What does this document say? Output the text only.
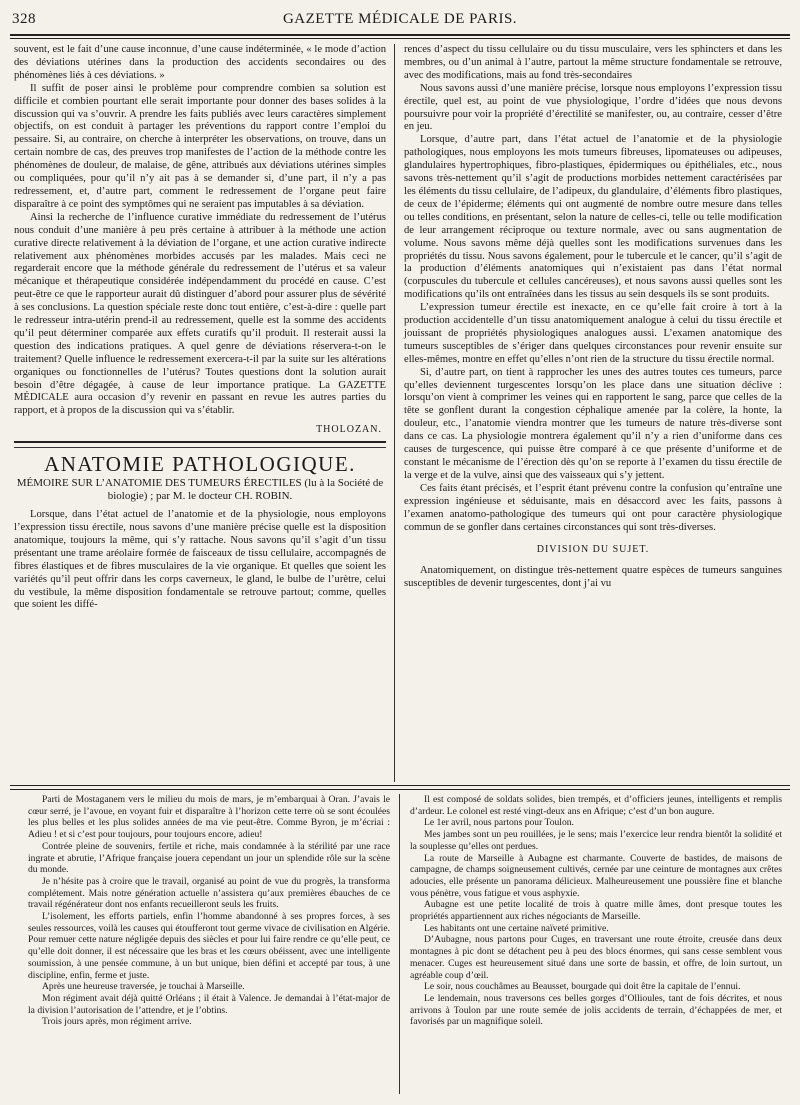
328	GAZETTE MÉDICALE DE PARIS.

souvent, est le fait d’une cause inconnue, d’une cause indéterminée, « le mode d’action des déviations utérines dans la production des accidents secondaires ou des phénomènes liés à ces déviations. »

Il suffit de poser ainsi le problème pour comprendre combien sa solution est difficile et combien pourtant elle serait importante pour donner des bases solides à la discussion qui va s’ouvrir. A prendre les faits publiés avec leurs caractères simplement objectifs, on est conduit à partager les préventions du rapport contre l’emploi du pessaire. Si, au contraire, on cherche à interpréter les observations, on trouve, dans un certain nombre de cas, des preuves trop manifestes de l’action de la méthode contre les phénomènes de douleur, de malaise, de gêne, attribués aux déviations utérines simples ou compliquées, pour qu’il n’y ait pas à se demander si, d’une part, il n’y a pas redressement, et, d’autre part, comment le redressement de l’organe peut faire disparaître à ce point des symptômes qui ne seraient pas imputables à sa déviation.

Ainsi la recherche de l’influence curative immédiate du redressement de l’utérus nous conduit d’une manière à peu près certaine à attribuer à la méthode une action curative directe relativement à la déviation de l’organe, et une action curative indirecte relativement aux phénomènes morbides accusés par les malades. Mais ceci ne regarderait encore que la méthode générale du redressement de l’utérus et sa valeur mécanique et thérapeutique considérée indépendamment du procédé en cause. C’est peut-être ce que le rapporteur aurait dû distinguer d’abord pour assurer plus de sévérité à ses conclusions. La question spéciale reste donc tout entière, c’est-à-dire : quelle part le redresseur intra-utérin prend-il au redressement, quelle est la somme des accidents qu’il peut déterminer comparée aux effets curatifs qu’il produit. Il resterait aussi la question des indications pratiques. A quel genre de déviations réservera-t-on le traitement? Quelle influence le redressement exercera-t-il par la suite sur les altérations organiques ou fonctionnelles de l’utérus? Toutes questions dont la solution aurait besoin d’être dégagée, à cause de leur importance pratique. La GAZETTE MÉDICALE aura occasion d’y revenir en passant en revue les autres parties du rapport, et à propos de la discussion qui va s’établir.

THOLOZAN.
ANATOMIE PATHOLOGIQUE.
MÉMOIRE SUR L’ANATOMIE DES TUMEURS ÉRECTILES (lu à la Société de biologie) ; par M. le docteur CH. ROBIN.

Lorsque, dans l’état actuel de l’anatomie et de la physiologie, nous employons l’expression tissu érectile, nous savons d’une manière précise quelle est la disposition anatomique, toujours la même, qui s’y rattache. Nous savons qu’il s’agit d’un tissu présentant une trame aréolaire formée de faisceaux de tissu cellulaire, accompagnés de fibres élastiques et de fibres musculaires de la vie organique. Et quelles que soient les variétés qu’il peut offrir dans les corps caverneux, le gland, le bulbe de l’urètre, celui du vestibule, la même disposition fondamentale se retrouve partout; comme, quelles que soient les diffé-

rences d’aspect du tissu cellulaire ou du tissu musculaire, vers les sphincters et dans les membres, ou d’un animal à l’autre, partout la même structure fondamentale se retrouve, avec des modifications, mais au fond très-secondaires

Nous savons aussi d’une manière précise, lorsque nous employons l’expression tissu érectile, quel est, au point de vue physiologique, l’ordre d’idées que nous devons poursuivre pour voir la propriété d’érectilité se manifester, ou, au contraire, cesser d’être en jeu.

Lorsque, d’autre part, dans l’état actuel de l’anatomie et de la physiologie pathologiques, nous employons les mots tumeurs fibreuses, lipomateuses ou adipeuses, glandulaires hypertrophiques, fibro-plastiques, épidermiques ou épithéliales, etc., nous savons très-nettement qu’il s’agit de productions morbides nettement caractérisées par les éléments du tissu cellulaire, de l’adipeux, du glandulaire, d’éléments fibro plastiques, de ceux de l’épiderme; éléments qui ont augmenté de nombre outre mesure dans telles ou telles conditions, en présentant, selon la nature de celles-ci, telle ou telle modification de leur arrangement réciproque ou texture normale, avec ou sans augmentation de volume. Nous savons même déjà quelles sont les modifications survenues dans les propriétés du tissu. Nous savons également, pour le tubercule et le cancer, qu’il s’agit de la production d’éléments anatomiques qui n’existaient pas dans l’état normal (corpuscules du tubercule et cellules cancéreuses), et nous savons aussi quelles sont les modifications qu’ils ont entraînées dans les tissus au sein desquels ils se sont produits.

L’expression tumeur érectile est inexacte, en ce qu’elle fait croire à tort à la production accidentelle d’un tissu anatomiquement analogue à celui du tissu érectile et jouissant de propriétés physiologiques analogues aussi. L’examen anatomique des tumeurs susceptibles de s’ériger dans quelques circonstances pour revenir ensuite sur elles-mêmes, montre en effet qu’elles n’ont rien de la structure du tissu érectile normal.

Si, d’autre part, on tient à rapprocher les unes des autres toutes ces tumeurs, parce qu’elles deviennent turgescentes lorsqu’on les place dans une situation déclive : lorsqu’on vient à comprimer les veines qui en rapportent le sang, parce que celles de la tête se gonflent durant la congestion céphalique amenée par la colère, la honte, la douleur, etc., l’anatomie viendra montrer que les tumeurs de nature très-diverse sont dans ce cas. La physiologie montrera également qu’il n’y a rien d’uniforme dans ces causes de turgescence, qui puisse être comparé à ce que présente d’uniforme et de constant le mécanisme de l’érection dès qu’on se reporte à l’examen du tissu érectile de la verge et de la vulve, ainsi que des vaisseaux qui s’y jettent.

Ces faits étant précisés, et l’esprit étant prévenu contre la confusion qu’entraîne une expression ingénieuse et séduisante, mais en désaccord avec les faits, passons à l’examen anatomo-pathologique des tumeurs qui ont pour caractère physiologique commun de se gonfler dans certaines circonstances qui sont très-diverses.

DIVISION DU SUJET.

Anatomiquement, on distingue très-nettement quatre espèces de tumeurs sanguines susceptibles de devenir turgescentes, dont j’ai vu

Parti de Mostaganem vers le milieu du mois de mars, je m’embarquai à Oran. J’avais le cœur serré, je l’avoue, en voyant fuir et disparaître à l’horizon cette terre où se sont écoulées les plus belles et les plus solides années de ma vie peut-être. Comme Byron, je m’écriai : Adieu ! et si c’est pour toujours, pour toujours encore, adieu!

Contrée pleine de souvenirs, fertile et riche, mais condamnée à la stérilité par une race ingrate et abrutie, l’Afrique française jouera cependant un jour un splendide rôle sur la scène du monde.

Je n’hésite pas à croire que le travail, organisé au point de vue du progrès, la transforma complétement. Mais notre génération actuelle n’assistera qu’aux premières ébauches de ce travail régénérateur dont nos enfants recueilleront seuls les fruits.

L’isolement, les efforts partiels, enfin l’homme abandonné à ses propres forces, à ses seules ressources, voilà les causes qui étoufferont tout germe vivace de civilisation en Algérie. Pour remuer cette nature négligée depuis des siècles et pour lui faire rendre ce qu’elle peut, ce qu’elle doit donner, il est nécessaire que les bras et les cœurs obéissent, avec une intelligente soumission, à une pensée commune, à un but unique, bien défini et accepté par tous, à une discipline, enfin, ferme et juste.

Après une heureuse traversée, je touchai à Marseille.

Mon régiment avait déjà quitté Orléans ; il était à Valence. Je demandai à l’état-major de la division l’autorisation de l’attendre, et je l’obtins.

Trois jours après, mon régiment arrive.

Il est composé de soldats solides, bien trempés, et d’officiers jeunes, intelligents et remplis d’ardeur. Le colonel est resté vingt-deux ans en Afrique; c’est d’un bon augure.

Le 1er avril, nous partons pour Toulon.

Mes jambes sont un peu rouillées, je le sens; mais l’exercice leur rendra bientôt la solidité et la souplesse qu’elles ont perdues.

La route de Marseille à Aubagne est charmante. Couverte de bastides, de maisons de campagne, de champs soigneusement cultivés, cernée par une ceinture de montagnes aux crêtes adoucies, elle présente un panorama délicieux. Malheureusement une poussière fine et blanche vous pénètre, vous fatigue et vous asphyxie.

Aubagne est une petite localité de trois à quatre mille âmes, dont presque toutes les propriétés appartiennent aux riches négociants de Marseille.

Les habitants ont une certaine naïveté primitive.

D’Aubagne, nous partons pour Cuges, en traversant une route étroite, creusée dans deux montagnes à pic dont se détachent peu à peu des blocs énormes, qui sans cesse semblent vous menacer. Cuges est heureusement situé dans une sorte de bassin, et offre, de loin surtout, un agréable coup d’œil.

Le soir, nous couchâmes au Beausset, bourgade qui doit être la capitale de l’ennui.

Le lendemain, nous traversons ces belles gorges d’Ollioules, tant de fois décrites, et nous arrivons à Toulon par une route semée de jolis accidents de terrain, d’échappées de mer, et favorisés par un magnifique soleil.
